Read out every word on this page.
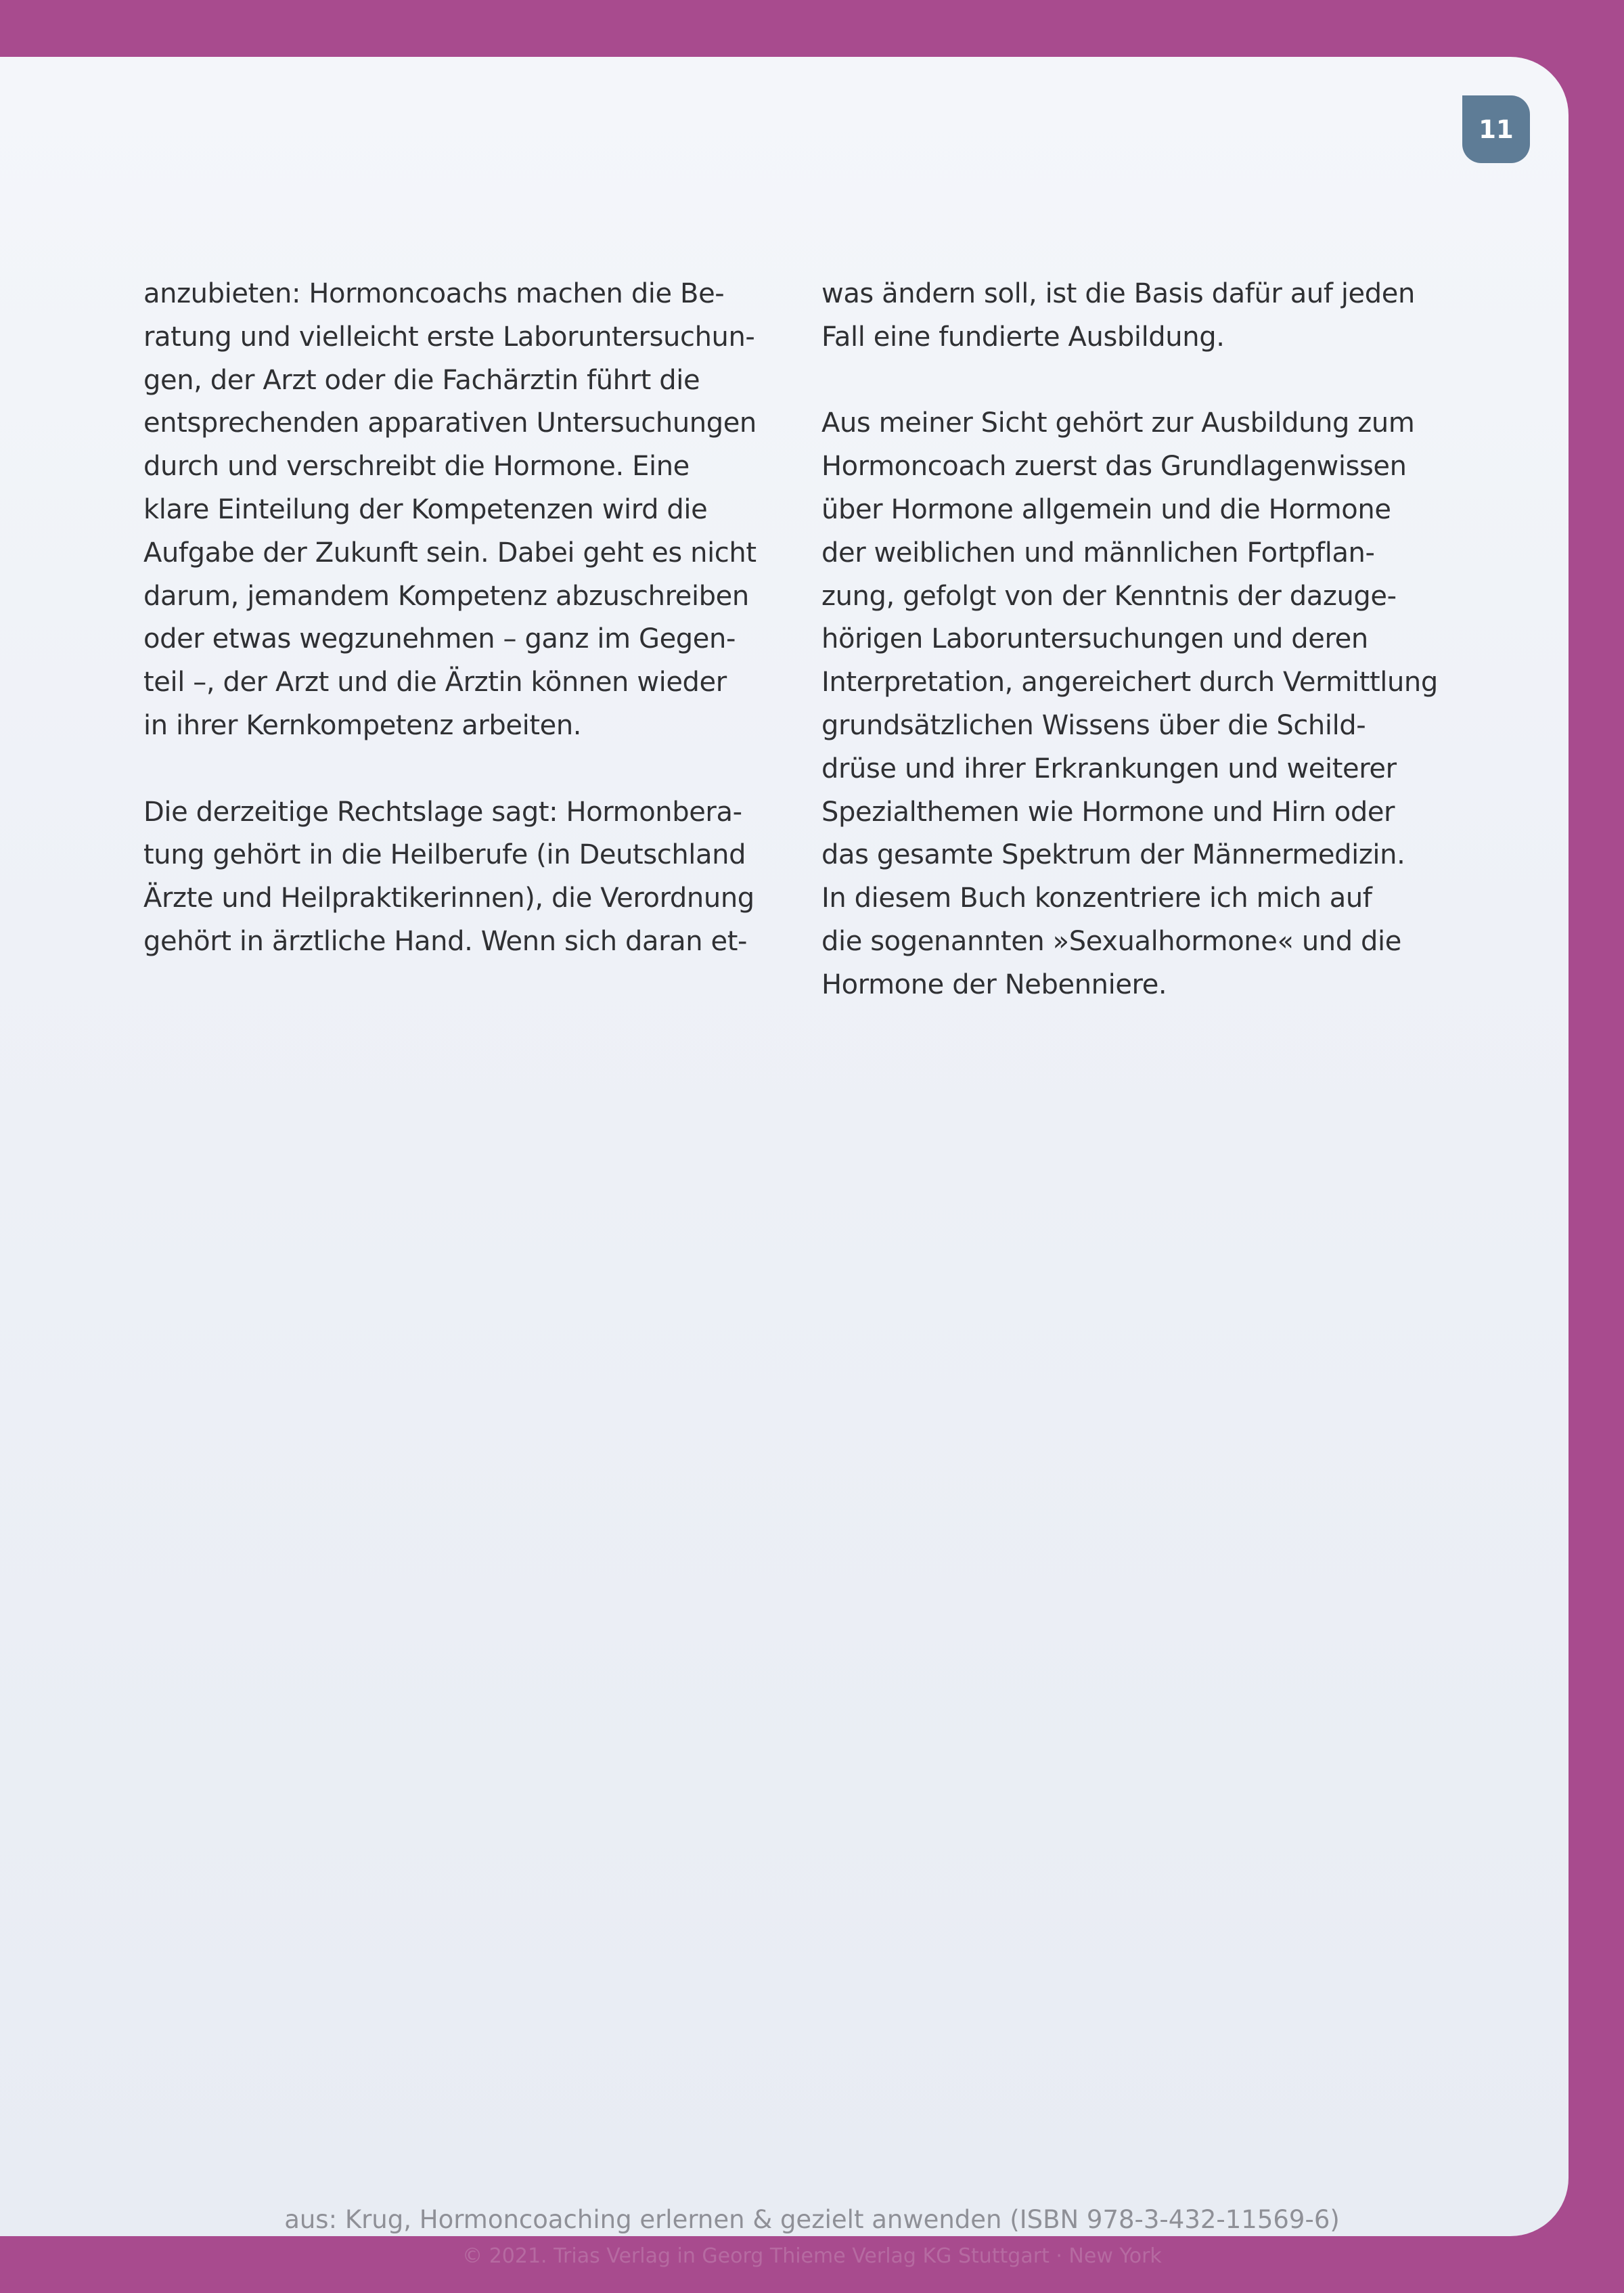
11

anzubieten: Hormoncoachs machen die Be-
ratung und vielleicht erste Laboruntersuchun-
gen, der Arzt oder die Fachärztin führt die
entsprechenden apparativen Untersuchungen
durch und verschreibt die Hormone. Eine
klare Einteilung der Kompetenzen wird die
Aufgabe der Zukunft sein. Dabei geht es nicht
darum, jemandem Kompetenz abzuschreiben
oder etwas wegzunehmen – ganz im Gegen-
teil –, der Arzt und die Ärztin können wieder
in ihrer Kernkompetenz arbeiten.

Die derzeitige Rechtslage sagt: Hormonbera-
tung gehört in die Heilberufe (in Deutschland
Ärzte und Heilpraktikerinnen), die Verordnung
gehört in ärztliche Hand. Wenn sich daran et-

was ändern soll, ist die Basis dafür auf jeden
Fall eine fundierte Ausbildung.

Aus meiner Sicht gehört zur Ausbildung zum
Hormoncoach zuerst das Grundlagenwissen
über Hormone allgemein und die Hormone
der weiblichen und männlichen Fortpflan-
zung, gefolgt von der Kenntnis der dazuge-
hörigen Laboruntersuchungen und deren
Interpretation, angereichert durch Vermittlung
grundsätzlichen Wissens über die Schild-
drüse und ihrer Erkrankungen und weiterer
Spezialthemen wie Hormone und Hirn oder
das gesamte Spektrum der Männermedizin.
In diesem Buch konzentriere ich mich auf
die sogenannten »Sexualhormone« und die
Hormone der Nebenniere.

aus: Krug, Hormoncoaching erlernen & gezielt anwenden (ISBN 978-3-432-11569-6)
© 2021. Trias Verlag in Georg Thieme Verlag KG Stuttgart · New York
